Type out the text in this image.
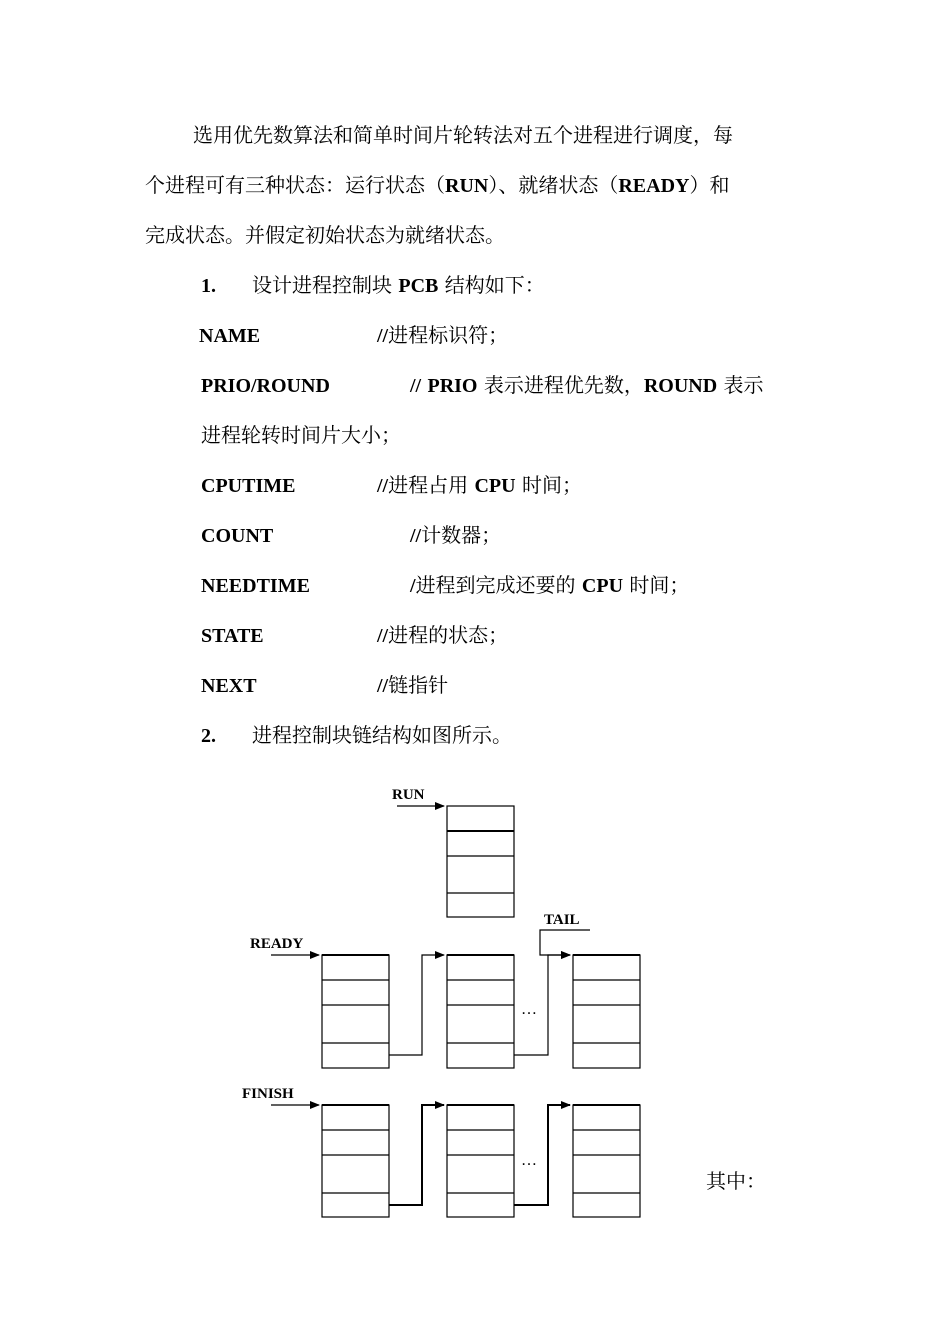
选用优先数算法和简单时间片轮转法对五个进程进行调度，每
个进程可有三种状态：运行状态（RUN）、就绪状态（READY）和
完成状态。并假定初始状态为就绪状态。
1. 设计进程控制块 PCB 结构如下：
NAME	//进程标识符；
PRIO/ROUND	// PRIO 表示进程优先数，ROUND 表示
进程轮转时间片大小；
CPUTIME	//进程占用 CPU 时间；
COUNT	//计数器；
NEEDTIME	/进程到完成还要的 CPU 时间；
STATE	//进程的状态；
NEXT	//链指针
2. 进程控制块链结构如图所示。
RUN
READY
TAIL
FINISH
…
…
其中：
